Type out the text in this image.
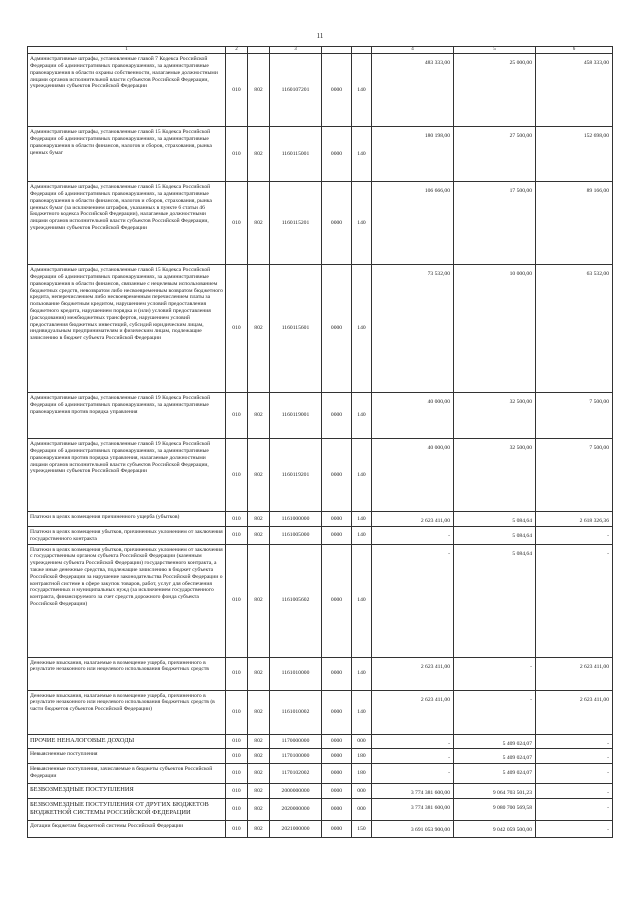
11
1	2		3			4	5	6
Административные штрафы, установленные главой 7 Кодекса Российской Федерации об административных правонарушениях, за административные правонарушения в области охраны собственности, налагаемые должностными лицами органов исполнительной власти субъектов Российской Федерации, учреждениями субъектов Российской Федерации	010	802	1160107201	0000	140	483 333,00	25 000,00	458 333,00
Административные штрафы, установленные главой 15 Кодекса Российской Федерации об административных правонарушениях, за административные правонарушения в области финансов, налогов и сборов, страхования, рынка ценных бумаг	010	802	1160115001	0000	140	180 198,00	27 500,00	152 698,00
Административные штрафы, установленные главой 15 Кодекса Российской Федерации об административных правонарушениях, за административные правонарушения в области финансов, налогов и сборов, страхования, рынка ценных бумаг (за исключением штрафов, указанных в пункте 6 статьи 46 Бюджетного кодекса Российской Федерации), налагаемые должностными лицами органов исполнительной власти субъектов Российской Федерации, учреждениями субъектов Российской Федерации	010	802	1160115201	0000	140	106 666,00	17 500,00	89 166,00
Административные штрафы, установленные главой 15 Кодекса Российской Федерации об административных правонарушениях, за административные правонарушения в области финансов, связанные с нецелевым использованием бюджетных средств, невозвратом либо несвоевременным возвратом бюджетного кредита, неперечислением либо несвоевременным перечислением платы за пользование бюджетным кредитом, нарушением условий предоставления бюджетного кредита, нарушением порядка и (или) условий предоставления (расходования) межбюджетных трансфертов, нарушением условий предоставления бюджетных инвестиций, субсидий юридическим лицам, индивидуальным предпринимателям и физическим лицам, подлежащие зачислению в бюджет субъекта Российской Федерации	010	802	1160115601	0000	140	73 532,00	10 000,00	63 532,00
Административные штрафы, установленные главой 19 Кодекса Российской Федерации об административных правонарушениях, за административные правонарушения против порядка управления	010	802	1160119001	0000	140	40 000,00	32 500,00	7 500,00
Административные штрафы, установленные главой 19 Кодекса Российской Федерации об административных правонарушениях, за административные правонарушения против порядка управления, налагаемые должностными лицами органов исполнительной власти субъектов Российской Федерации, учреждениями субъектов Российской Федерации	010	802	1160119201	0000	140	40 000,00	32 500,00	7 500,00
Платежи в целях возмещения причиненного ущерба (убытков)	010	802	1161000000	0000	140	2 623 411,00	5 084,64	2 618 326,36
Платежи в целях возмещения убытков, причиненных уклонением от заключения государственного контракта	010	802	1161005000	0000	140	-	5 084,64	-
Платежи в целях возмещения убытков, причиненных уклонением от заключения с государственным органом субъекта Российской Федерации (казенным учреждением субъекта Российской Федерации) государственного контракта, а также иные денежные средства, подлежащие зачислению в бюджет субъекта Российской Федерации за нарушение законодательства Российской Федерации о контрактной системе в сфере закупок товаров, работ, услуг для обеспечения государственных и муниципальных нужд (за исключением государственного контракта, финансируемого за счет средств дорожного фонда субъекта Российской Федерации)	010	802	1161005602	0000	140	-	5 084,64	-
Денежные взыскания, налагаемые в возмещение ущерба, причиненного в результате незаконного или нецелевого использования бюджетных средств	010	802	1161010000	0000	140	2 623 411,00	-	2 623 411,00
Денежные взыскания, налагаемые в возмещение ущерба, причиненного в результате незаконного или нецелевого использования бюджетных средств (в части бюджетов субъектов Российской Федерации)	010	802	1161010002	0000	140	2 623 411,00	-	2 623 411,00
ПРОЧИЕ НЕНАЛОГОВЫЕ ДОХОДЫ	010	802	1170000000	0000	000	-	5 409 024,07	-
Невыясненные поступления	010	802	1170100000	0000	180	-	5 409 024,07	-
Невыясненные поступления, зачисляемые в бюджеты субъектов Российской Федерации	010	802	1170102002	0000	180	-	5 409 024,07	-
БЕЗВОЗМЕЗДНЫЕ ПОСТУПЛЕНИЯ	010	802	2000000000	0000	000	3 774 381 600,00	9 064 703 501,23	-
БЕЗВОЗМЕЗДНЫЕ ПОСТУПЛЕНИЯ ОТ ДРУГИХ БЮДЖЕТОВ БЮДЖЕТНОЙ СИСТЕМЫ РОССИЙСКОЙ ФЕДЕРАЦИИ	010	802	2020000000	0000	000	3 774 381 600,00	9 080 700 569,58	-
Дотации бюджетам бюджетной системы Российской Федерации	010	802	2021000000	0000	150	3 691 053 900,00	9 042 059 500,00	-
